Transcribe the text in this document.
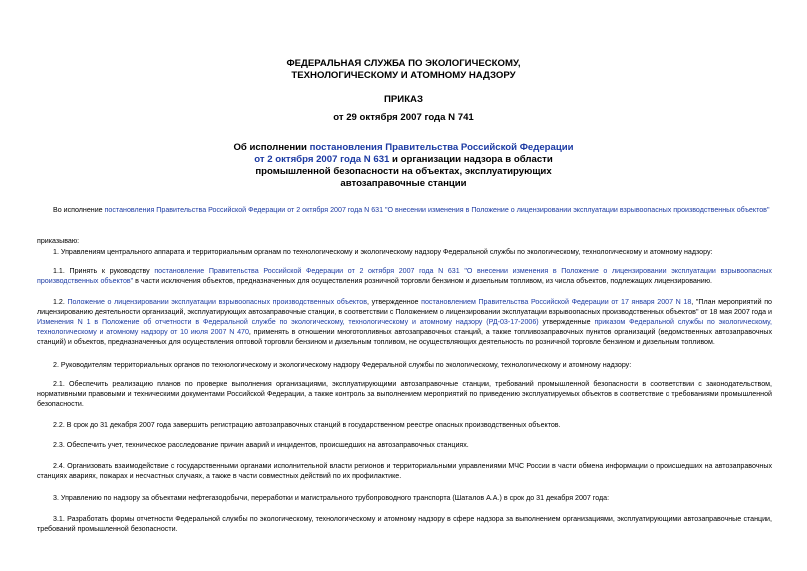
ФЕДЕРАЛЬНАЯ СЛУЖБА ПО ЭКОЛОГИЧЕСКОМУ,
ТЕХНОЛОГИЧЕСКОМУ И АТОМНОМУ НАДЗОРУ
ПРИКАЗ
от 29 октября 2007 года N 741
Об исполнении постановления Правительства Российской Федерации от 2 октября 2007 года N 631 и организации надзора в области промышленной безопасности на объектах, эксплуатирующих автозаправочные станции
Во исполнение постановления Правительства Российской Федерации от 2 октября 2007 года N 631 "О внесении изменения в Положение о лицензировании эксплуатации взрывоопасных производственных объектов"
приказываю:
1. Управлениям центрального аппарата и территориальным органам по технологическому и экологическому надзору Федеральной службы по экологическому, технологическому и атомному надзору:
1.1. Принять к руководству постановление Правительства Российской Федерации от 2 октября 2007 года N 631 "О внесении изменения в Положение о лицензировании эксплуатации взрывоопасных производственных объектов" в части исключения объектов, предназначенных для осуществления розничной торговли бензином и дизельным топливом, из числа объектов, подлежащих лицензированию.
1.2. Положение о лицензировании эксплуатации взрывоопасных производственных объектов, утвержденное постановлением Правительства Российской Федерации от 17 января 2007 N 18, "План мероприятий по лицензированию деятельности организаций, эксплуатирующих автозаправочные станции, в соответствии с Положением о лицензировании эксплуатации взрывоопасных производственных объектов" от 18 мая 2007 года и Изменения N 1 в Положение об отчетности в Федеральной службе по экологическому, технологическому и атомному надзору (РД-03-17-2006) утвержденные приказом Федеральной службы по экологическому, технологическому и атомному надзору от 10 июля 2007 N 470, применять в отношении многотопливных автозаправочных станций, а также топливозаправочных пунктов организаций (ведомственных автозаправочных станций) и объектов, предназначенных для осуществления оптовой торговли бензином и дизельным топливом, не осуществляющих деятельность по розничной торговле бензином и дизельным топливом.
2. Руководителям территориальных органов по технологическому и экологическому надзору Федеральной службы по экологическому, технологическому и атомному надзору:
2.1. Обеспечить реализацию планов по проверке выполнения организациями, эксплуатирующими автозаправочные станции, требований промышленной безопасности в соответствии с законодательством, нормативными правовыми и техническими документами Российской Федерации, а также контроль за выполнением мероприятий по приведению эксплуатируемых объектов в соответствие с требованиями промышленной безопасности.
2.2. В срок до 31 декабря 2007 года завершить регистрацию автозаправочных станций в государственном реестре опасных производственных объектов.
2.3. Обеспечить учет, техническое расследование причин аварий и инцидентов, происшедших на автозаправочных станциях.
2.4. Организовать взаимодействие с государственными органами исполнительной власти регионов и территориальными управлениями МЧС России в части обмена информации о происшедших на автозаправочных станциях авариях, пожарах и несчастных случаях, а также в части совместных действий по их профилактике.
3. Управлению по надзору за объектами нефтегазодобычи, переработки и магистрального трубопроводного транспорта (Шаталов А.А.) в срок до 31 декабря 2007 года:
3.1. Разработать формы отчетности Федеральной службы по экологическому, технологическому и атомному надзору в сфере надзора за выполнением организациями, эксплуатирующими автозаправочные станции, требований промышленной безопасности.
